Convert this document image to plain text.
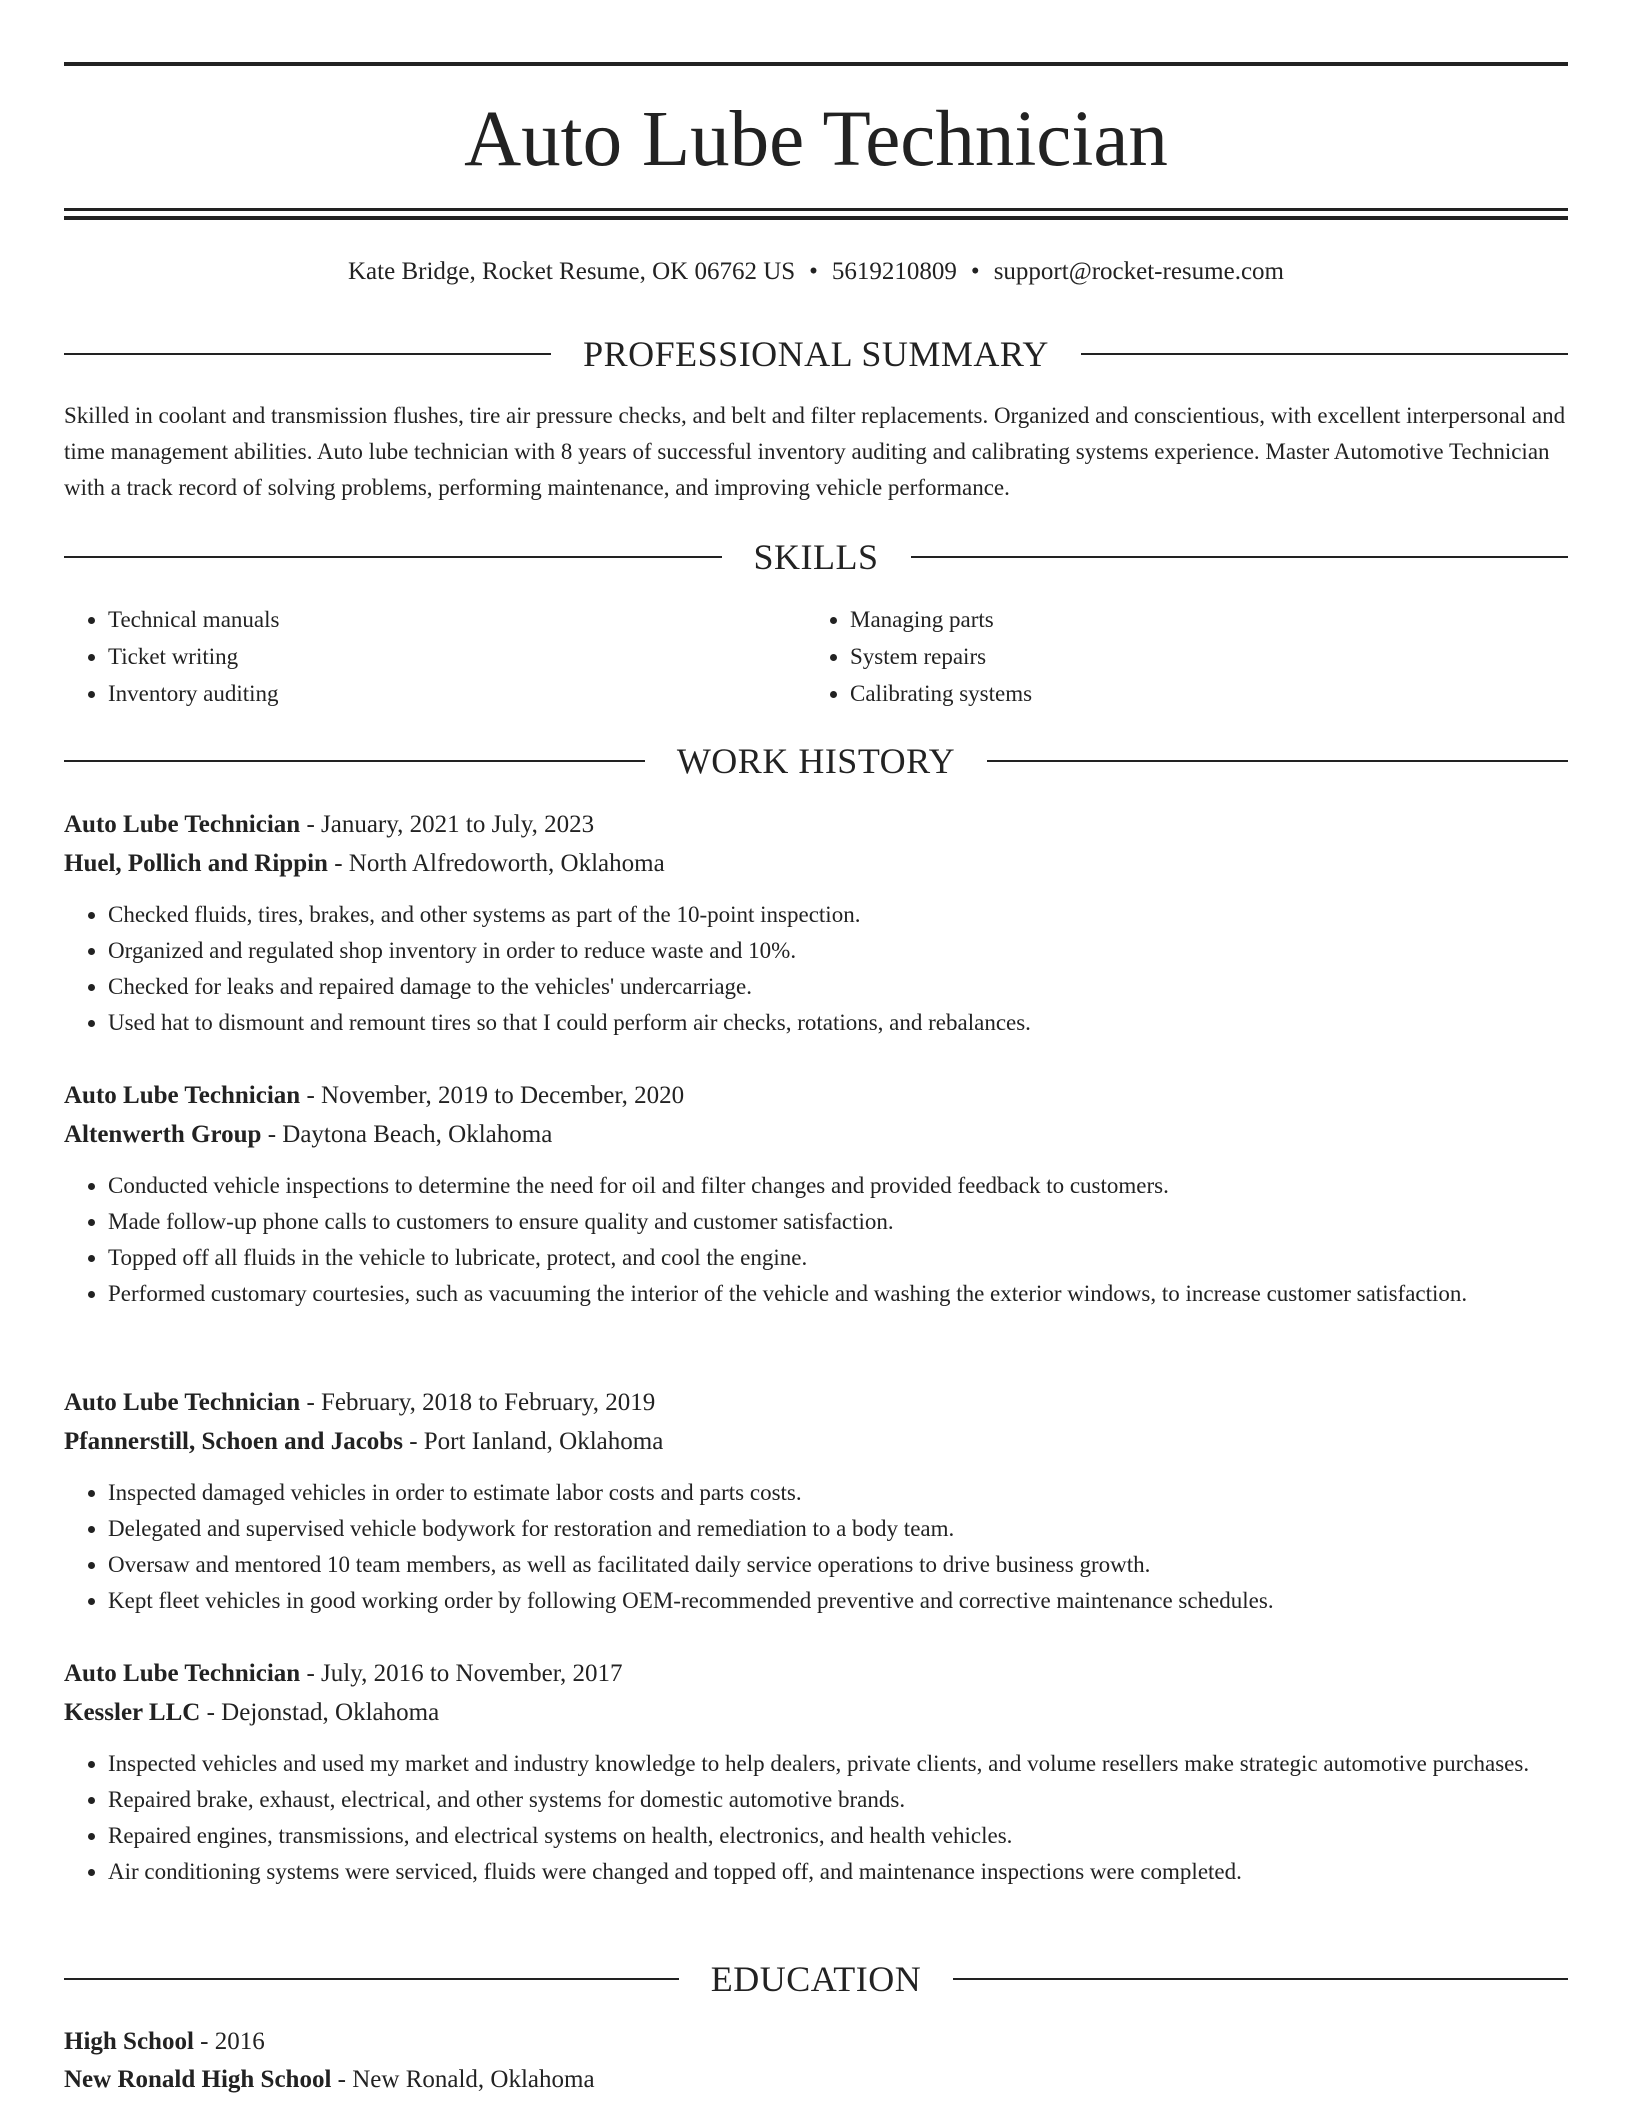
Auto Lube Technician
Kate Bridge, Rocket Resume, OK 06762 US • 5619210809 • support@rocket-resume.com
PROFESSIONAL SUMMARY

Skilled in coolant and transmission flushes, tire air pressure checks, and belt and filter replacements. Organized and conscientious, with excellent interpersonal and time management abilities. Auto lube technician with 8 years of successful inventory auditing and calibrating systems experience. Master Automotive Technician with a track record of solving problems, performing maintenance, and improving vehicle performance.

SKILLS
• Technical manuals
• Ticket writing
• Inventory auditing
• Managing parts
• System repairs
• Calibrating systems
WORK HISTORY

Auto Lube Technician - January, 2021 to July, 2023

Huel, Pollich and Rippin - North Alfredoworth, Oklahoma

• Checked fluids, tires, brakes, and other systems as part of the 10-point inspection.
• Organized and regulated shop inventory in order to reduce waste and 10%.
• Checked for leaks and repaired damage to the vehicles' undercarriage.
• Used hat to dismount and remount tires so that I could perform air checks, rotations, and rebalances.

Auto Lube Technician - November, 2019 to December, 2020

Altenwerth Group - Daytona Beach, Oklahoma

• Conducted vehicle inspections to determine the need for oil and filter changes and provided feedback to customers.
• Made follow-up phone calls to customers to ensure quality and customer satisfaction.
• Topped off all fluids in the vehicle to lubricate, protect, and cool the engine.
• Performed customary courtesies, such as vacuuming the interior of the vehicle and washing the exterior windows, to increase customer satisfaction.

Auto Lube Technician - February, 2018 to February, 2019

Pfannerstill, Schoen and Jacobs - Port Ianland, Oklahoma

• Inspected damaged vehicles in order to estimate labor costs and parts costs.
• Delegated and supervised vehicle bodywork for restoration and remediation to a body team.
• Oversaw and mentored 10 team members, as well as facilitated daily service operations to drive business growth.
• Kept fleet vehicles in good working order by following OEM-recommended preventive and corrective maintenance schedules.

Auto Lube Technician - July, 2016 to November, 2017

Kessler LLC - Dejonstad, Oklahoma

• Inspected vehicles and used my market and industry knowledge to help dealers, private clients, and volume resellers make strategic automotive purchases.
• Repaired brake, exhaust, electrical, and other systems for domestic automotive brands.
• Repaired engines, transmissions, and electrical systems on health, electronics, and health vehicles.
• Air conditioning systems were serviced, fluids were changed and topped off, and maintenance inspections were completed.
EDUCATION

High School - 2016

New Ronald High School - New Ronald, Oklahoma
